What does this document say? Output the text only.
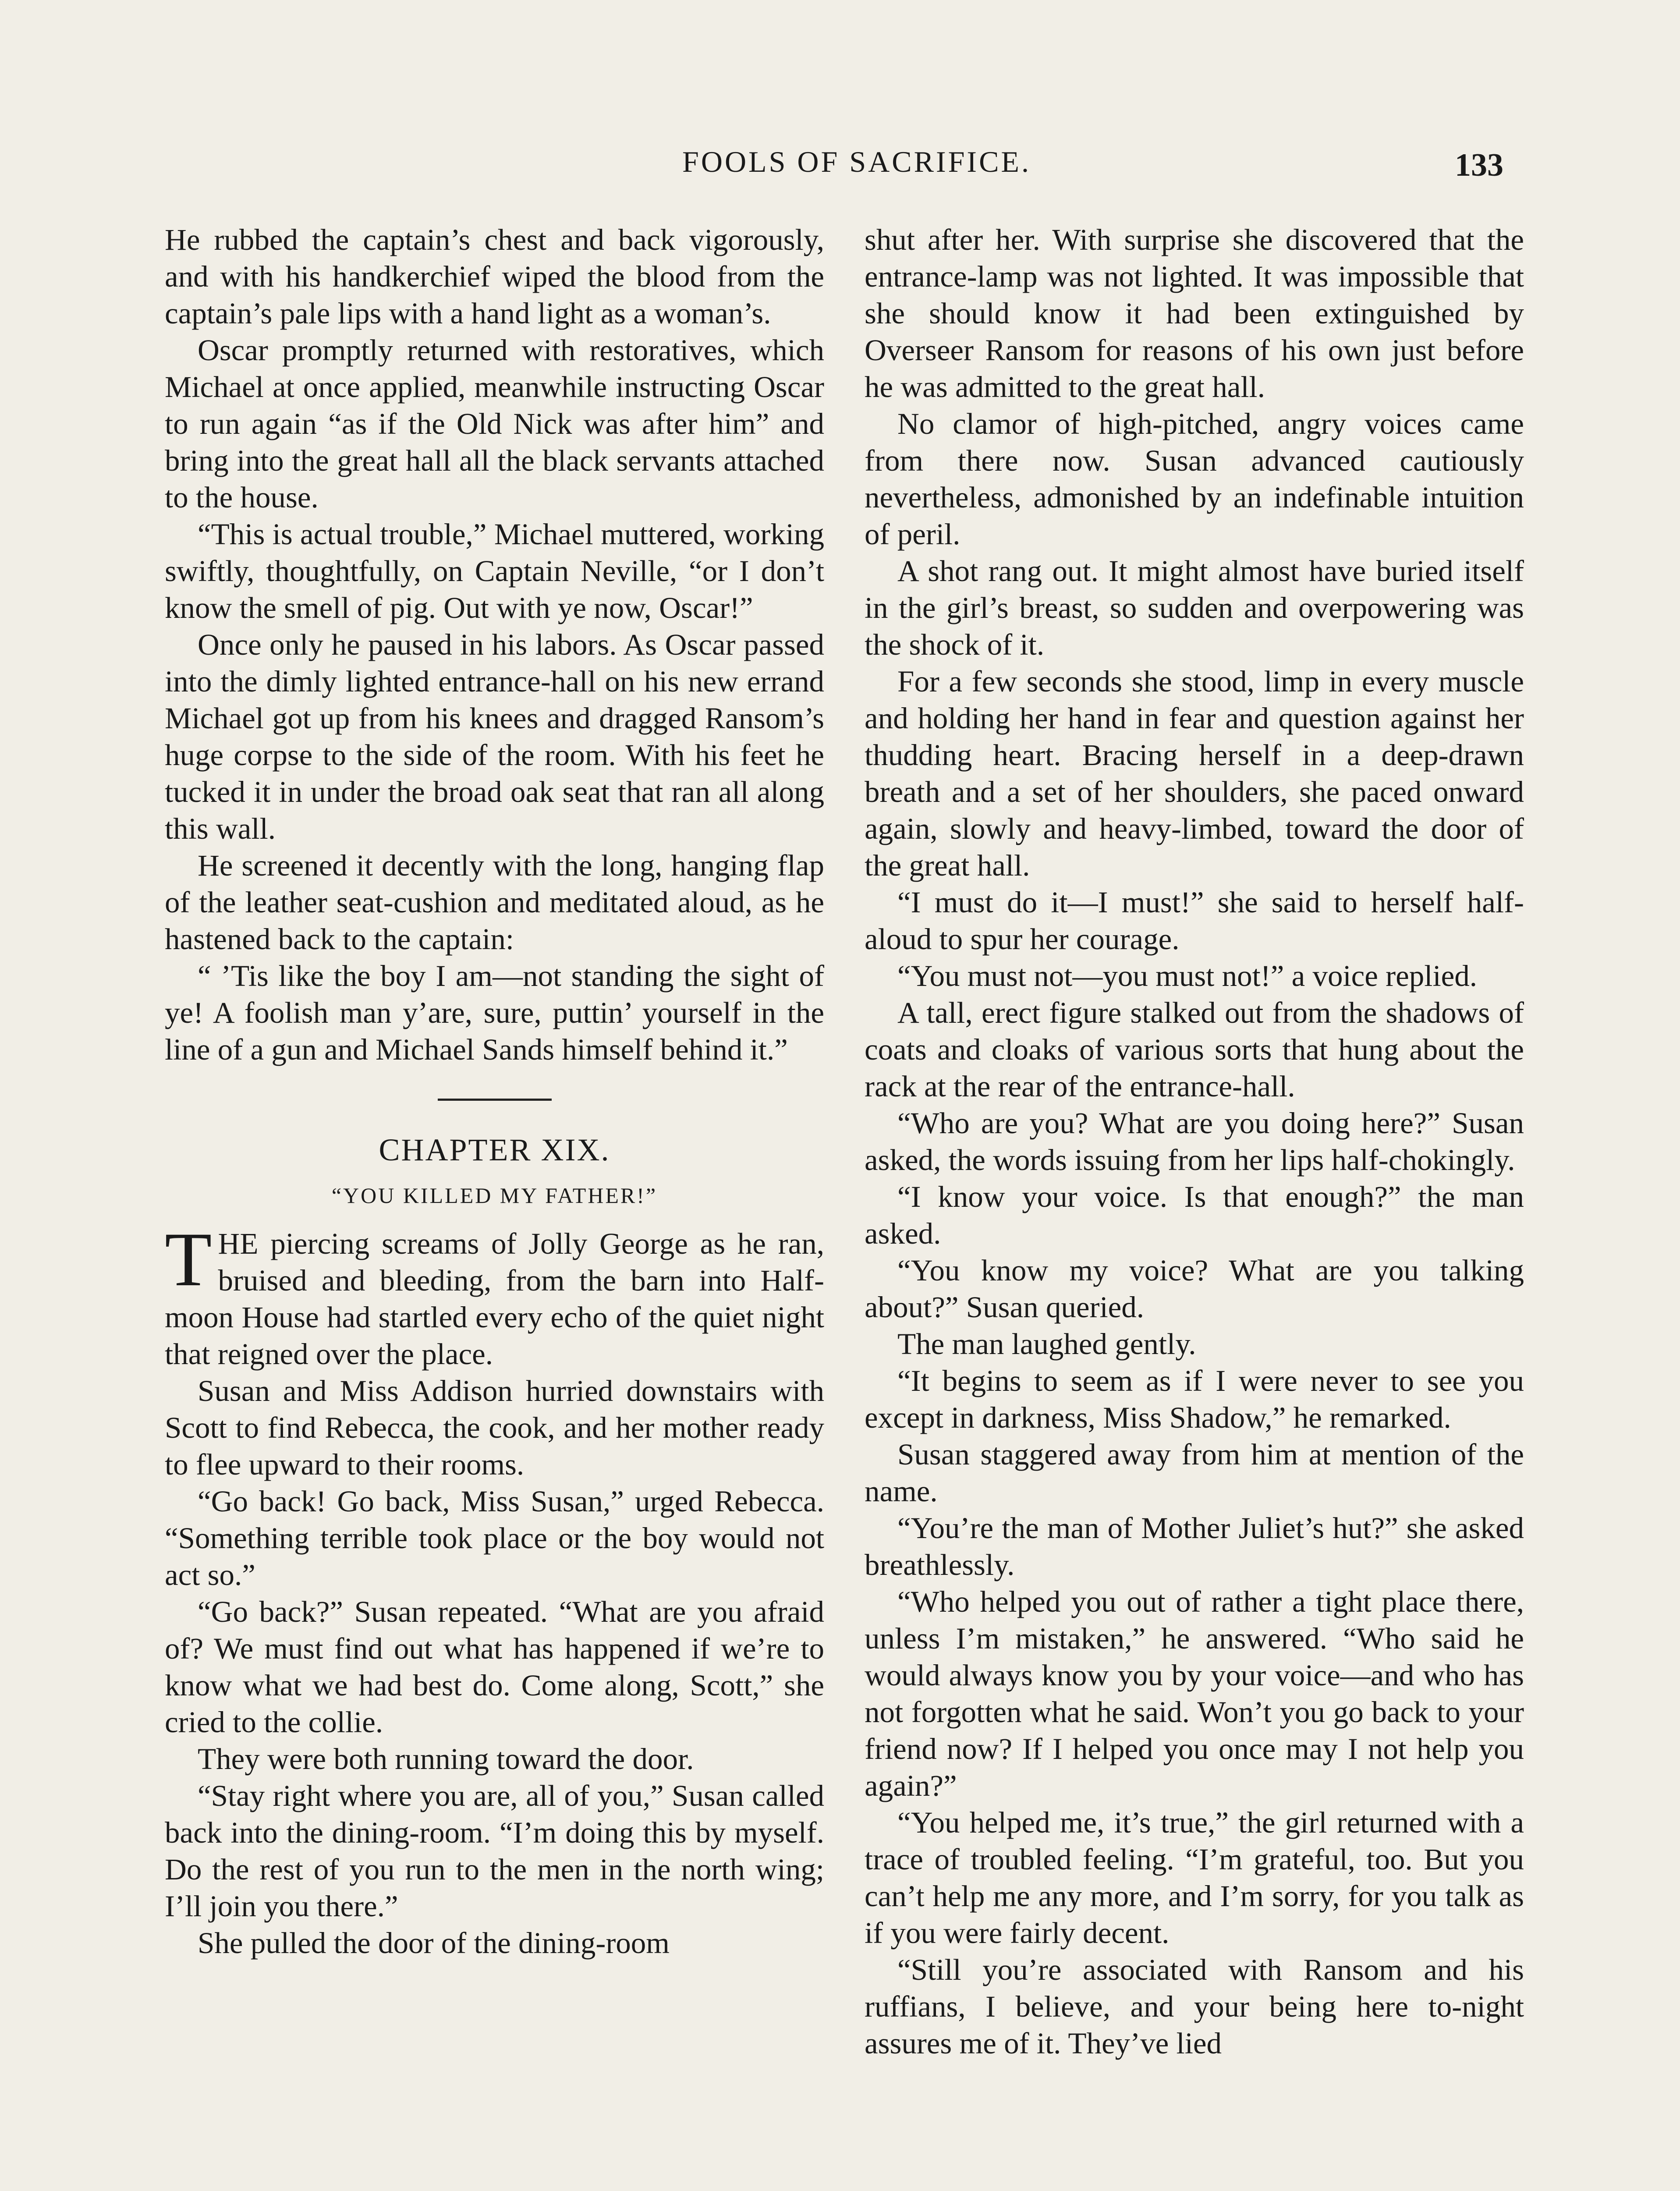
FOOLS OF SACRIFICE.	133

He rubbed the captain’s chest and back vigorously, and with his handkerchief wiped the blood from the captain’s pale lips with a hand light as a woman’s.

Oscar promptly returned with restoratives, which Michael at once applied, meanwhile instructing Oscar to run again “as if the Old Nick was after him” and bring into the great hall all the black servants attached to the house.

“This is actual trouble,” Michael muttered, working swiftly, thoughtfully, on Captain Neville, “or I don’t know the smell of pig. Out with ye now, Oscar!”

Once only he paused in his labors. As Oscar passed into the dimly lighted entrance-hall on his new errand Michael got up from his knees and dragged Ransom’s huge corpse to the side of the room. With his feet he tucked it in under the broad oak seat that ran all along this wall.

He screened it decently with the long, hanging flap of the leather seat-cushion and meditated aloud, as he hastened back to the captain:

“ ’Tis like the boy I am—not standing the sight of ye! A foolish man y’are, sure, puttin’ yourself in the line of a gun and Michael Sands himself behind it.”

CHAPTER XIX.
“YOU KILLED MY FATHER!”

THE piercing screams of Jolly George as he ran, bruised and bleeding, from the barn into Half-moon House had startled every echo of the quiet night that reigned over the place.

Susan and Miss Addison hurried downstairs with Scott to find Rebecca, the cook, and her mother ready to flee upward to their rooms.

“Go back! Go back, Miss Susan,” urged Rebecca. “Something terrible took place or the boy would not act so.”

“Go back?” Susan repeated. “What are you afraid of? We must find out what has happened if we’re to know what we had best do. Come along, Scott,” she cried to the collie.

They were both running toward the door.

“Stay right where you are, all of you,” Susan called back into the dining-room. “I’m doing this by myself. Do the rest of you run to the men in the north wing; I’ll join you there.”

She pulled the door of the dining-room

shut after her. With surprise she discovered that the entrance-lamp was not lighted. It was impossible that she should know it had been extinguished by Overseer Ransom for reasons of his own just before he was admitted to the great hall.

No clamor of high-pitched, angry voices came from there now. Susan advanced cautiously nevertheless, admonished by an indefinable intuition of peril.

A shot rang out. It might almost have buried itself in the girl’s breast, so sudden and overpowering was the shock of it.

For a few seconds she stood, limp in every muscle and holding her hand in fear and question against her thudding heart. Bracing herself in a deep-drawn breath and a set of her shoulders, she paced onward again, slowly and heavy-limbed, toward the door of the great hall.

“I must do it—I must!” she said to herself half-aloud to spur her courage.

“You must not—you must not!” a voice replied.

A tall, erect figure stalked out from the shadows of coats and cloaks of various sorts that hung about the rack at the rear of the entrance-hall.

“Who are you? What are you doing here?” Susan asked, the words issuing from her lips half-chokingly.

“I know your voice. Is that enough?” the man asked.

“You know my voice? What are you talking about?” Susan queried.

The man laughed gently.

“It begins to seem as if I were never to see you except in darkness, Miss Shadow,” he remarked.

Susan staggered away from him at mention of the name.

“You’re the man of Mother Juliet’s hut?” she asked breathlessly.

“Who helped you out of rather a tight place there, unless I’m mistaken,” he answered. “Who said he would always know you by your voice—and who has not forgotten what he said. Won’t you go back to your friend now? If I helped you once may I not help you again?”

“You helped me, it’s true,” the girl returned with a trace of troubled feeling. “I’m grateful, too. But you can’t help me any more, and I’m sorry, for you talk as if you were fairly decent.

“Still you’re associated with Ransom and his ruffians, I believe, and your being here to-night assures me of it. They’ve lied
